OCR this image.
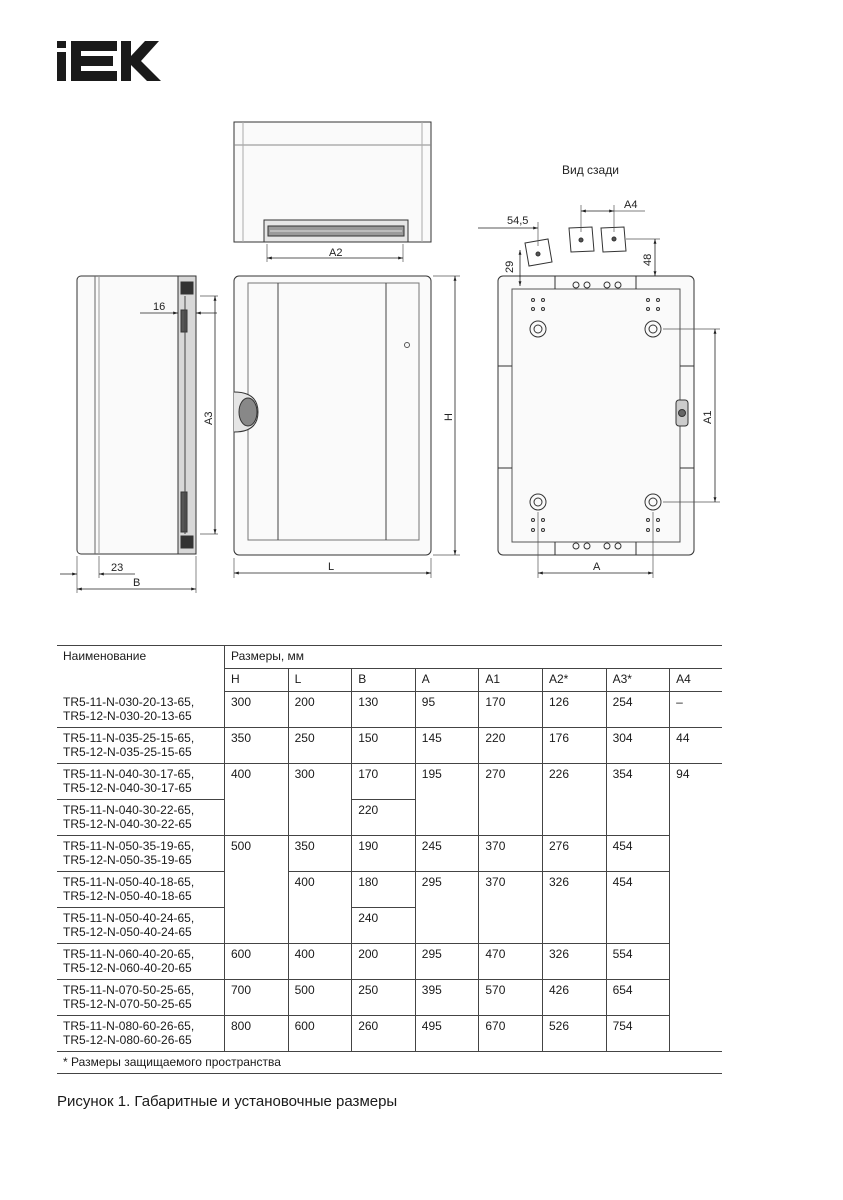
A2
A3
16
23
B
H
L
Вид сзади
A1
A
54,5
29
A4
48
Наименование	Размеры, мм							
	H	L	B	A	A1	A2*	A3*	A4
TR5-11-N-030-20-13-65,
TR5-12-N-030-20-13-65	300	200	130	95	170	126	254	–
TR5-11-N-035-25-15-65,
TR5-12-N-035-25-15-65	350	250	150	145	220	176	304	44
TR5-11-N-040-30-17-65,
TR5-12-N-040-30-17-65	400	300	170	195	270	226	354	94
TR5-11-N-040-30-22-65,
TR5-12-N-040-30-22-65			220					
TR5-11-N-050-35-19-65,
TR5-12-N-050-35-19-65	500	350	190	245	370	276	454	
TR5-11-N-050-40-18-65,
TR5-12-N-050-40-18-65		400	180	295	370	326	454	
TR5-11-N-050-40-24-65,
TR5-12-N-050-40-24-65			240					
TR5-11-N-060-40-20-65,
TR5-12-N-060-40-20-65	600	400	200	295	470	326	554	
TR5-11-N-070-50-25-65,
TR5-12-N-070-50-25-65	700	500	250	395	570	426	654	
TR5-11-N-080-60-26-65,
TR5-12-N-080-60-26-65	800	600	260	495	670	526	754	
* Размеры защищаемого пространства								
Рисунок 1. Габаритные и установочные размеры
